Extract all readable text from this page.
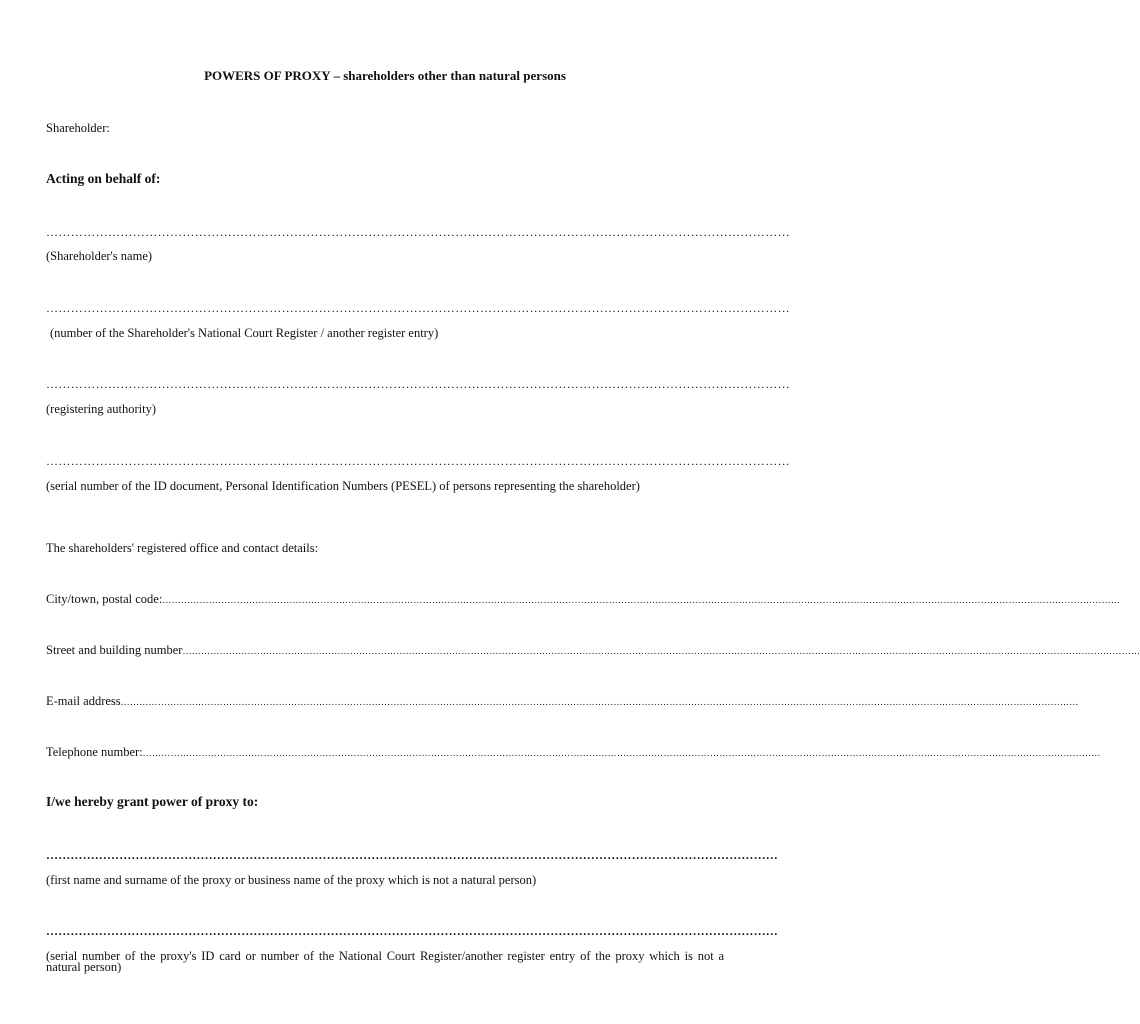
POWERS OF PROXY – shareholders other than natural persons
Shareholder:
Acting on behalf of:
………………………………………………………………………………………………………………………………………………………………
(Shareholder's name)
………………………………………………………………………………………………………………………………………………………………
(number of the Shareholder's National Court Register / another register entry)
………………………………………………………………………………………………………………………………………………………………
(registering authority)
………………………………………………………………………………………………………………………………………………………………
(serial number of the ID document, Personal Identification Numbers (PESEL) of persons representing the shareholder)
The shareholders' registered office and contact details:
City/town, postal code: …………………………………………………………………………………………………………………………………………………………………………………………………………………………………………………………………………………
Street and building number …………………………………………………………………………………………………………………………………………………………………………………………………………………………………………………………………………………
E-mail address …………………………………………………………………………………………………………………………………………………………………………………………………………………………………………………………………………………
Telephone number: …………………………………………………………………………………………………………………………………………………………………………………………………………………………………………………………………………………
I/we hereby grant power of proxy to:
………………………………………………………………………………………………………………………………………………………………
(first name and surname of the proxy or business name of the proxy which is not a natural person)
………………………………………………………………………………………………………………………………………………………………
(serial number of the proxy's ID card or number of the National Court Register/another register entry of the proxy which is not a natural person)
